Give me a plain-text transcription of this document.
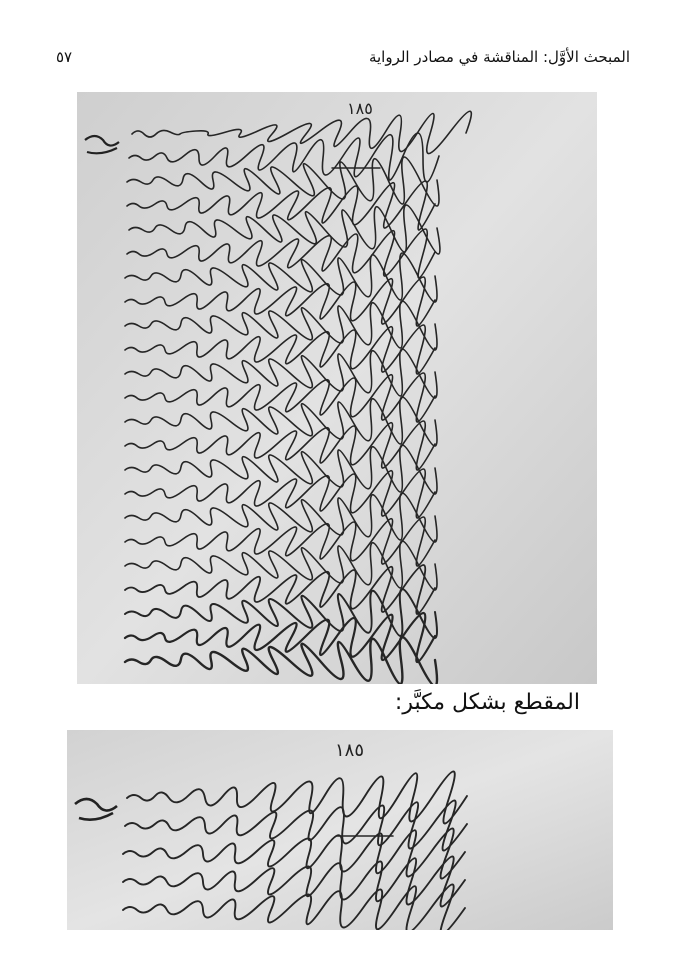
٥٧	المبحث الأوَّل: المناقشة في مصادر الرواية
١٨٥
المقطع بشكل مكبَّر:
١٨٥
